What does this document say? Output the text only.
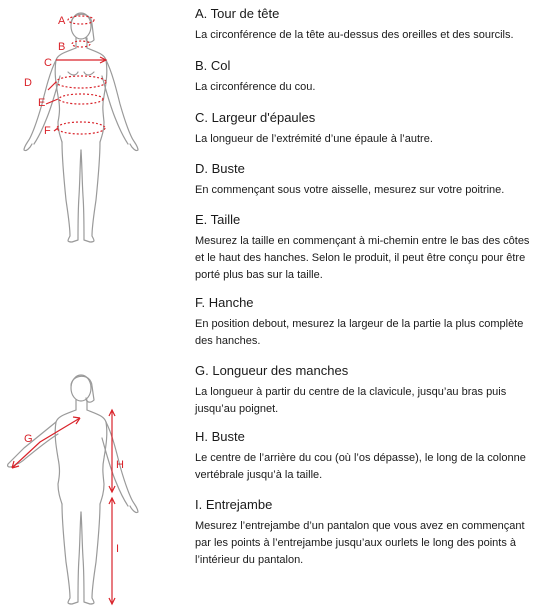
A
B
C
D
E
F
G
H
I
A. Tour de tête

La circonférence de la tête au-dessus des oreilles et des sourcils.

B. Col

La circonférence du cou.

C. Largeur d'épaules

La longueur de l’extrémité d’une épaule à l’autre.

D. Buste

En commençant sous votre aisselle, mesurez sur votre poitrine.

E. Taille

Mesurez la taille en commençant à mi-chemin entre le bas des côtes et le haut des hanches. Selon le produit, il peut être conçu pour être porté plus bas sur la taille.

F. Hanche

En position debout, mesurez la largeur de la partie la plus complète des hanches.

G. Longueur des manches

La longueur à partir du centre de la clavicule, jusqu’au bras puis jusqu’au poignet.

H. Buste

Le centre de l’arrière du cou (où l’os dépasse), le long de la colonne vertébrale jusqu’à la taille.

I. Entrejambe

Mesurez l’entrejambe d’un pantalon que vous avez en commençant par les points à l’entrejambe jusqu’aux ourlets le long des points à l’intérieur du pantalon.
